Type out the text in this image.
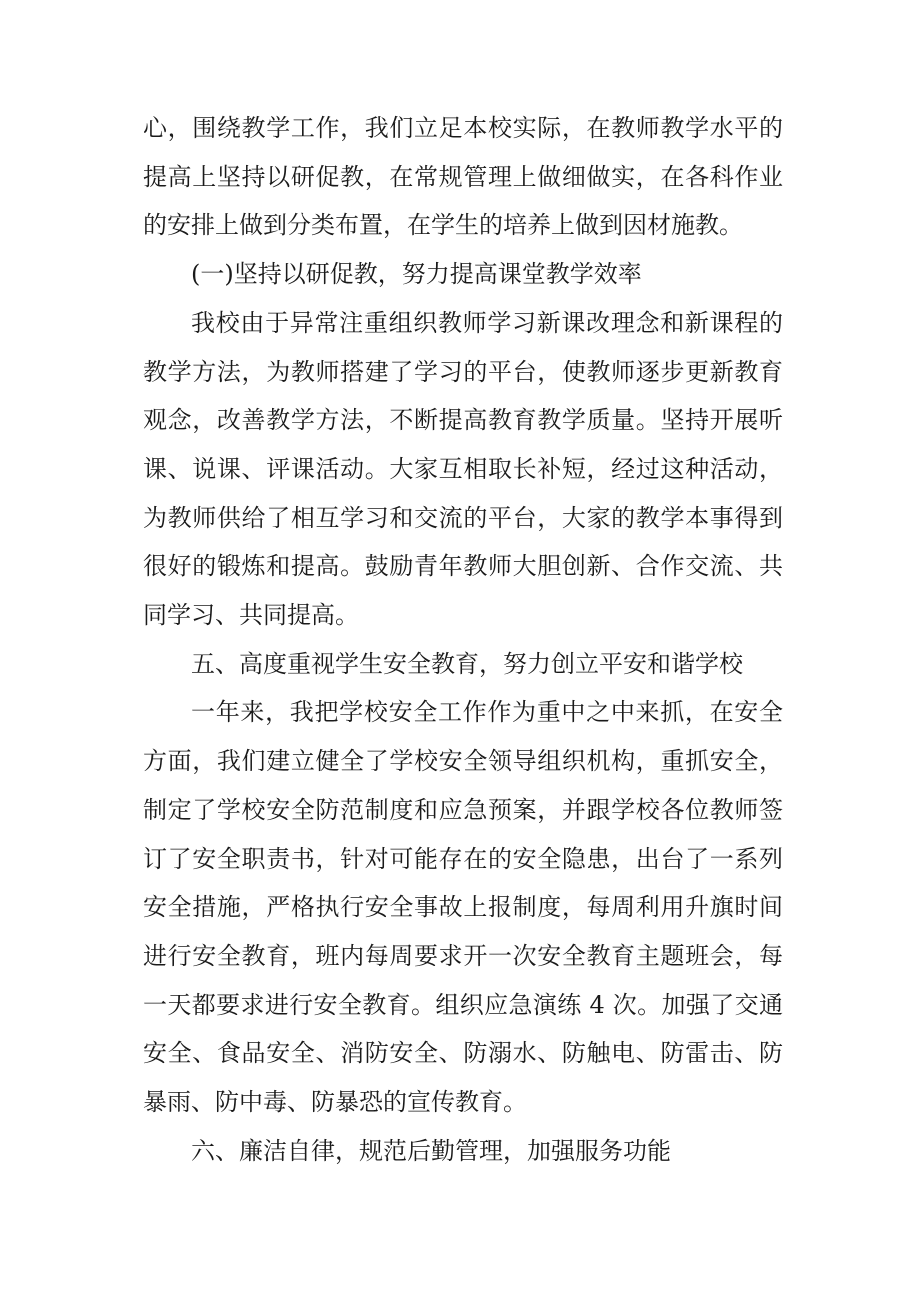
心，围绕教学工作，我们立足本校实际，在教师教学水平的提高上坚持以研促教，在常规管理上做细做实，在各科作业的安排上做到分类布置，在学生的培养上做到因材施教。

(一)坚持以研促教，努力提高课堂教学效率

我校由于异常注重组织教师学习新课改理念和新课程的教学方法，为教师搭建了学习的平台，使教师逐步更新教育观念，改善教学方法，不断提高教育教学质量。坚持开展听课、说课、评课活动。大家互相取长补短，经过这种活动，为教师供给了相互学习和交流的平台，大家的教学本事得到很好的锻炼和提高。鼓励青年教师大胆创新、合作交流、共同学习、共同提高。

五、高度重视学生安全教育，努力创立平安和谐学校

一年来，我把学校安全工作作为重中之中来抓，在安全方面，我们建立健全了学校安全领导组织机构，重抓安全，制定了学校安全防范制度和应急预案，并跟学校各位教师签订了安全职责书，针对可能存在的安全隐患，出台了一系列安全措施，严格执行安全事故上报制度，每周利用升旗时间进行安全教育，班内每周要求开一次安全教育主题班会，每一天都要求进行安全教育。组织应急演练 4 次。加强了交通安全、食品安全、消防安全、防溺水、防触电、防雷击、防暴雨、防中毒、防暴恐的宣传教育。

六、廉洁自律，规范后勤管理，加强服务功能
